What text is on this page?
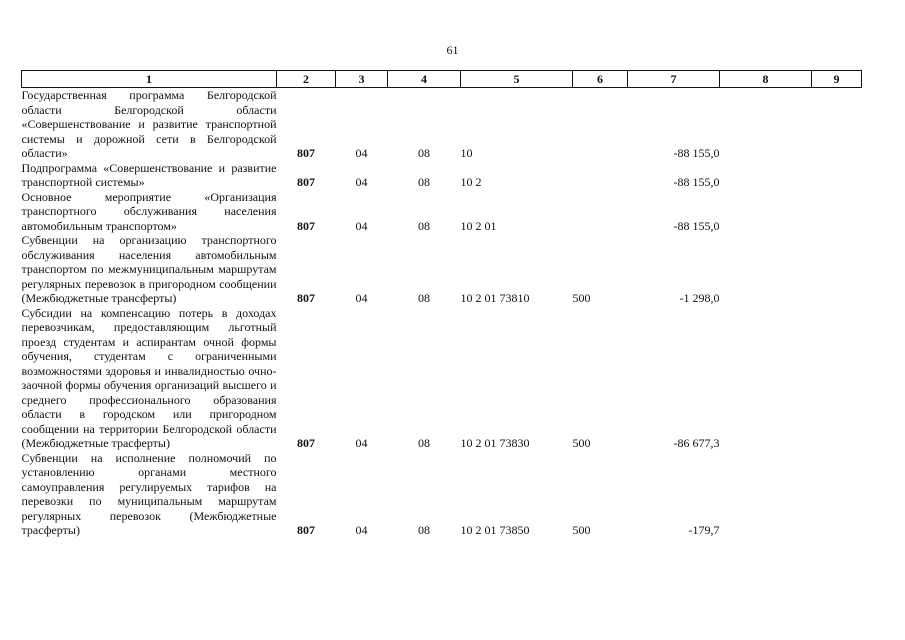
61
1	2	3	4	5	6	7	8	9
Государственная программа Белгородской области Белгородской области «Совершенствование и развитие транспортной системы и дорожной сети в Белгородской области»	807	04	08	10		-88 155,0		
Подпрограмма «Совершенствование и развитие транспортной системы»	807	04	08	10 2		-88 155,0		
Основное мероприятие «Организация транспортного обслуживания населения автомобильным транспортом»	807	04	08	10 2 01		-88 155,0		
Субвенции на организацию транспортного обслуживания населения автомобильным транспортом по межмуниципальным маршрутам регулярных перевозок в пригородном сообщении (Межбюджетные трансферты)	807	04	08	10 2 01 73810	500	-1 298,0		
Субсидии на компенсацию потерь в доходах перевозчикам, предоставляющим льготный проезд студентам и аспирантам очной формы обучения, студентам с ограниченными возможностями здоровья и инвалидностью очно-заочной формы обучения организаций высшего и среднего профессионального образования области в городском или пригородном сообщении на территории Белгородской области (Межбюджетные трасферты)	807	04	08	10 2 01 73830	500	-86 677,3		
Субвенции на исполнение полномочий по установлению органами местного самоуправления регулируемых тарифов на перевозки по муниципальным маршрутам регулярных перевозок (Межбюджетные трасферты)	807	04	08	10 2 01 73850	500	-179,7		
